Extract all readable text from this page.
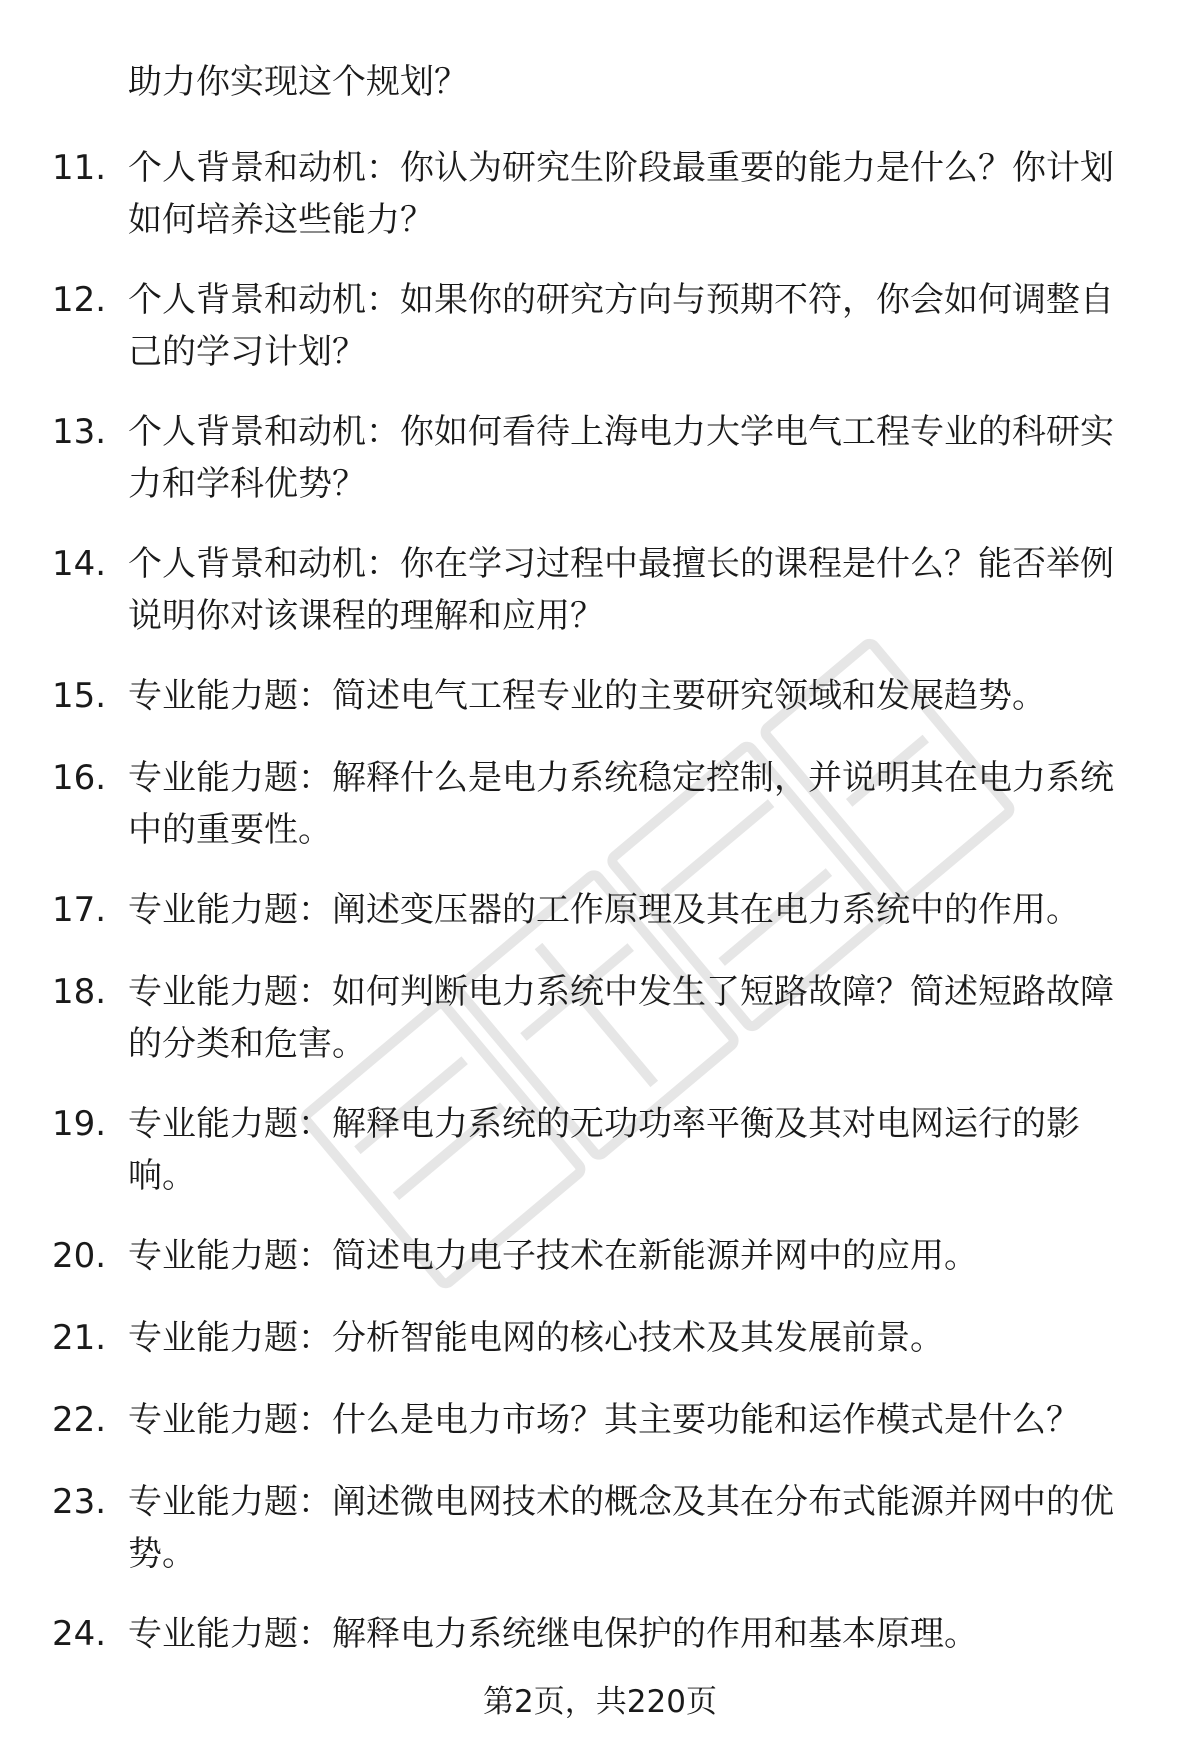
助力你实现这个规划？
11. 个人背景和动机：你认为研究生阶段最重要的能力是什么？你计划如何培养这些能力？
12. 个人背景和动机：如果你的研究方向与预期不符，你会如何调整自己的学习计划？
13. 个人背景和动机：你如何看待上海电力大学电气工程专业的科研实力和学科优势？
14. 个人背景和动机：你在学习过程中最擅长的课程是什么？能否举例说明你对该课程的理解和应用？
15. 专业能力题：简述电气工程专业的主要研究领域和发展趋势。
16. 专业能力题：解释什么是电力系统稳定控制，并说明其在电力系统中的重要性。
17. 专业能力题：阐述变压器的工作原理及其在电力系统中的作用。
18. 专业能力题：如何判断电力系统中发生了短路故障？简述短路故障的分类和危害。
19. 专业能力题：解释电力系统的无功功率平衡及其对电网运行的影响。
20. 专业能力题：简述电力电子技术在新能源并网中的应用。
21. 专业能力题：分析智能电网的核心技术及其发展前景。
22. 专业能力题：什么是电力市场？其主要功能和运作模式是什么？
23. 专业能力题：阐述微电网技术的概念及其在分布式能源并网中的优势。
24. 专业能力题：解释电力系统继电保护的作用和基本原理。
第2页，共220页
